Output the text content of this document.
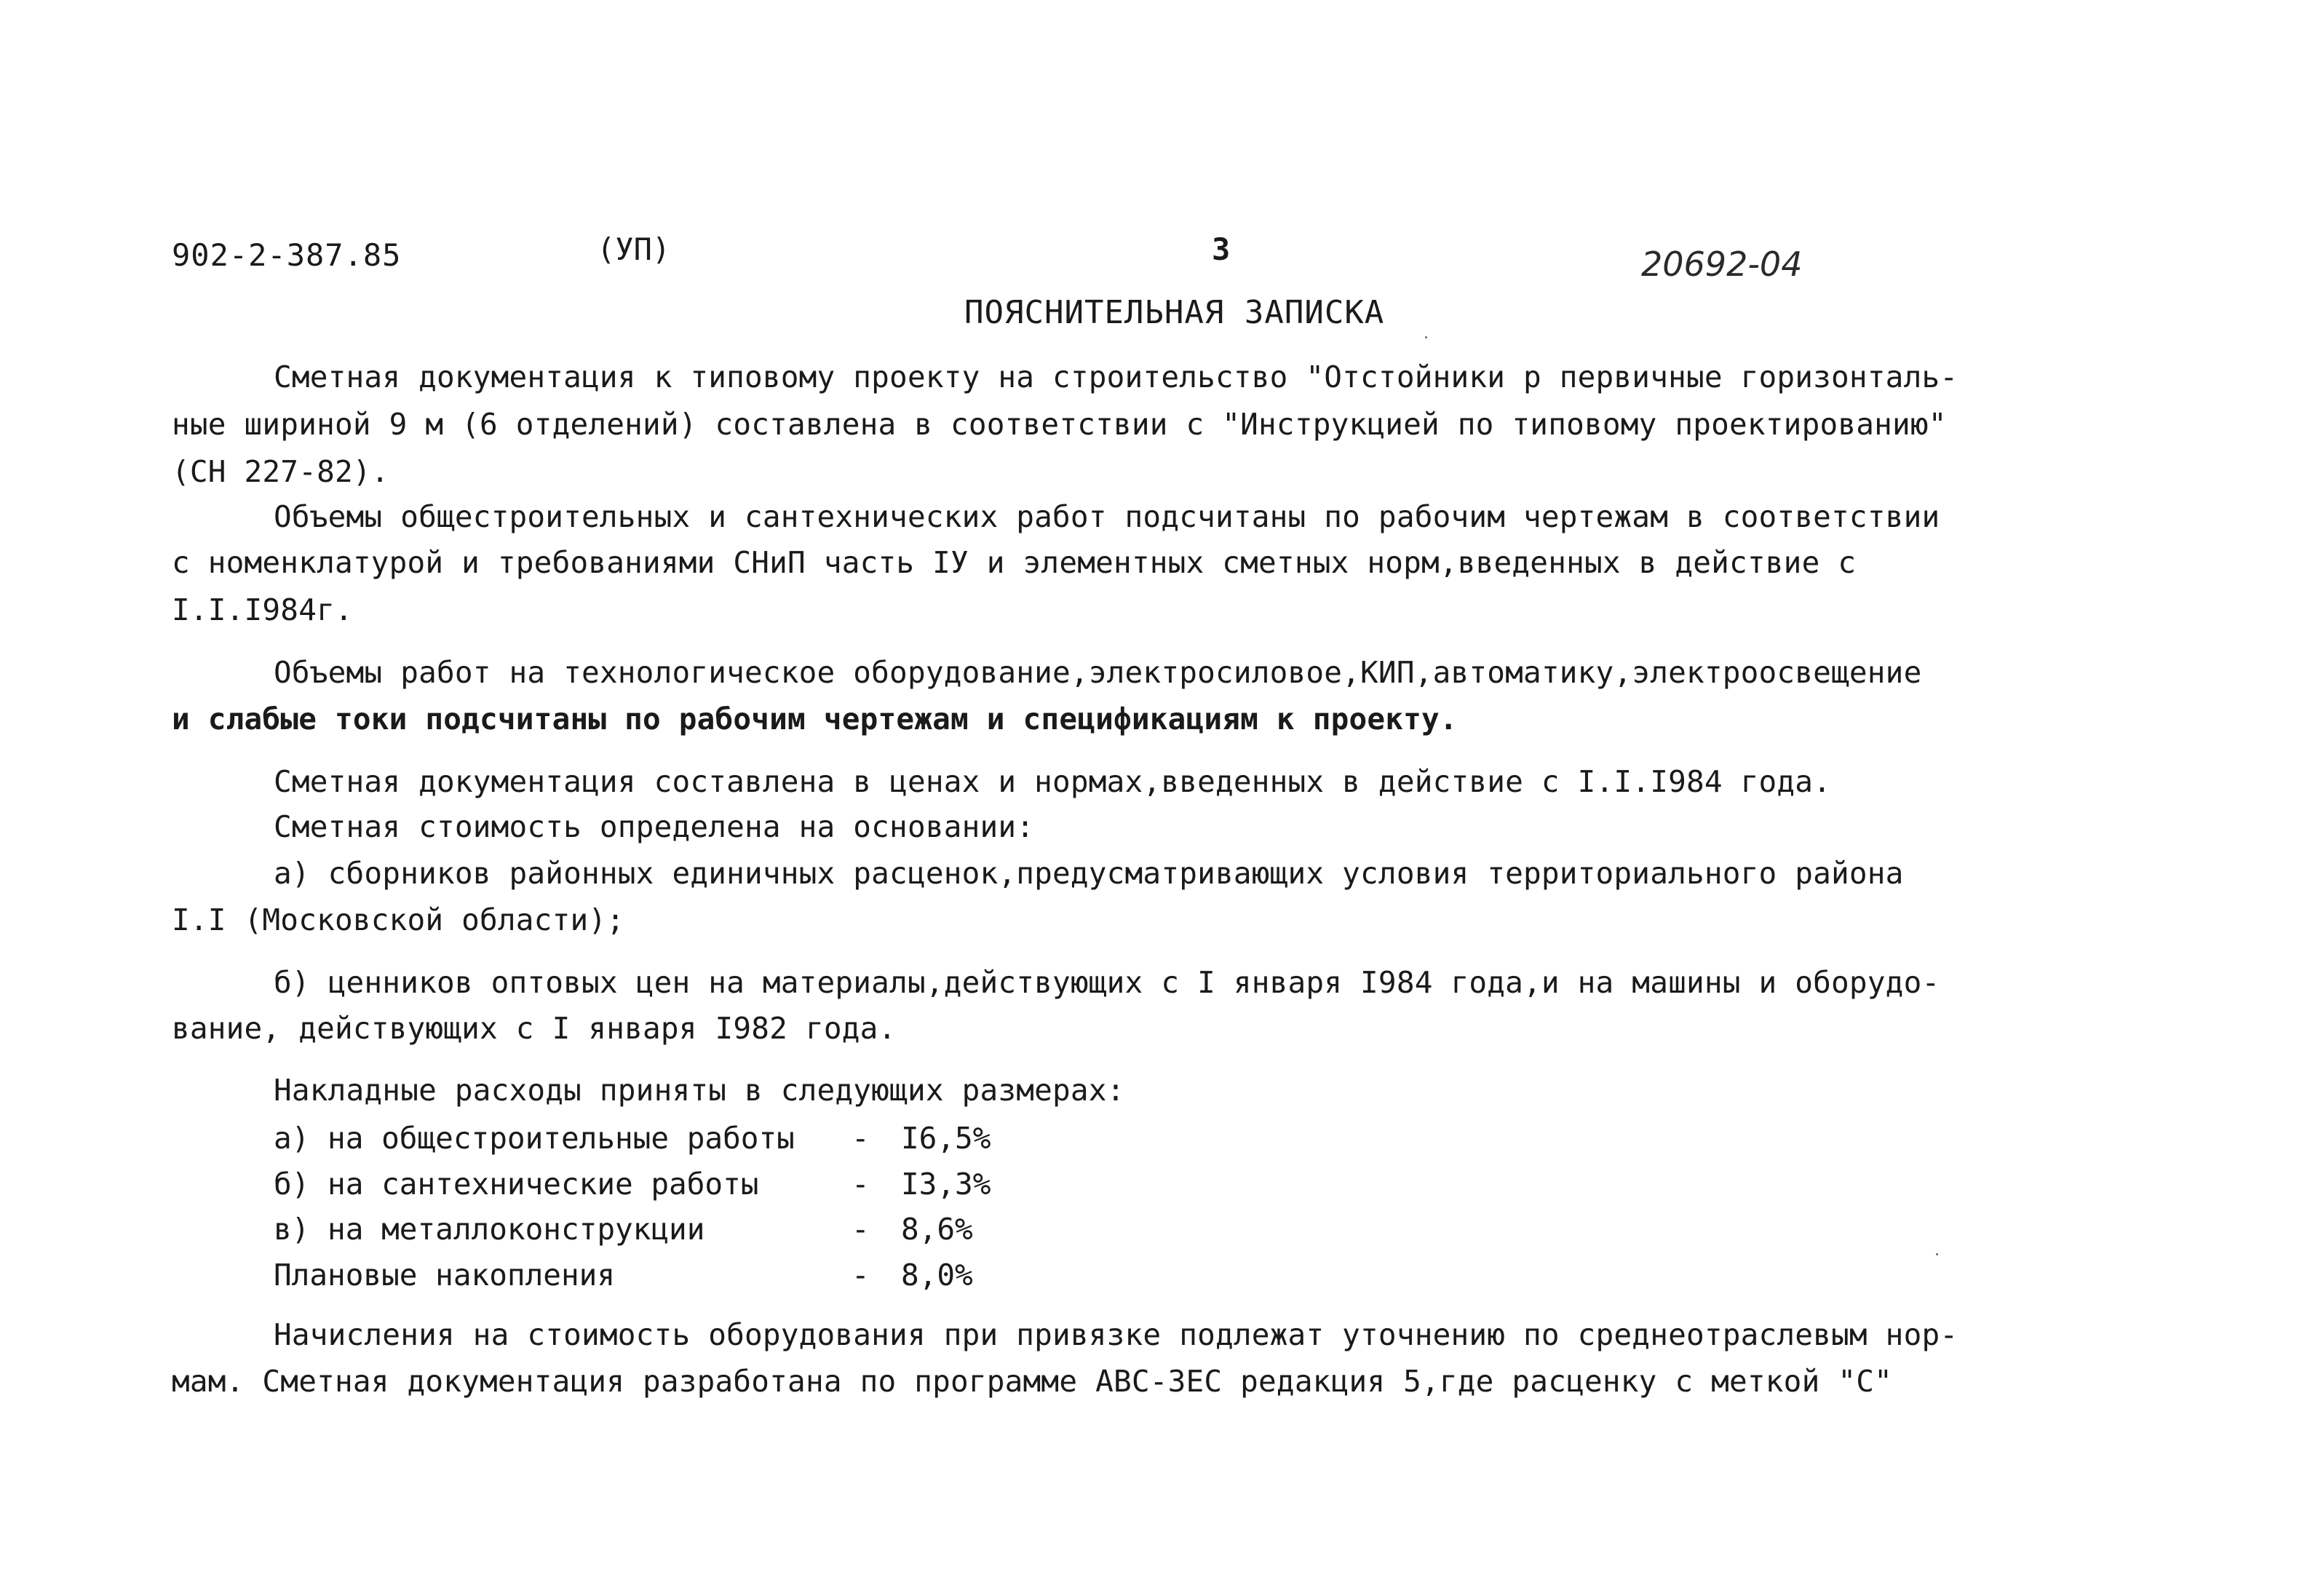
902-2-387.85	(УП)	3	20692-04
ПОЯСНИТЕЛЬНАЯ ЗАПИСКА
Сметная документация к типовому проекту на строительство "Отстойники р первичные горизонталь-
ные шириной 9 м (6 отделений) составлена в соответствии с "Инструкцией по типовому проектированию"
(СН 227-82).
Объемы общестроительных и сантехнических работ подсчитаны по рабочим чертежам в соответствии
с номенклатурой и требованиями СНиП часть IУ и элементных сметных норм,введенных в действие с
I.I.I984г.
Объемы работ на технологическое оборудование,электросиловое,КИП,автоматику,электроосвещение
и слабые токи подсчитаны по рабочим чертежам и спецификациям к проекту.
Сметная документация составлена в ценах и нормах,введенных в действие с I.I.I984 года.
Сметная стоимость определена на основании:
а) сборников районных единичных расценок,предусматривающих условия территориального района
I.I (Московской области);
б) ценников оптовых цен на материалы,действующих с I января I984 года,и на машины и оборудо-
вание, действующих с I января I982 года.
Накладные расходы приняты в следующих размерах:
а) на общестроительные работы - I6,5%
б) на сантехнические работы	- I3,3%
в) на металлоконструкции	- 8,6%
Плановые накопления	- 8,0%
Начисления на стоимость оборудования при привязке подлежат уточнению по среднеотраслевым нор-
мам. Сметная документация разработана по программе АВС-ЗЕС редакция 5,где расценку с меткой "С"
